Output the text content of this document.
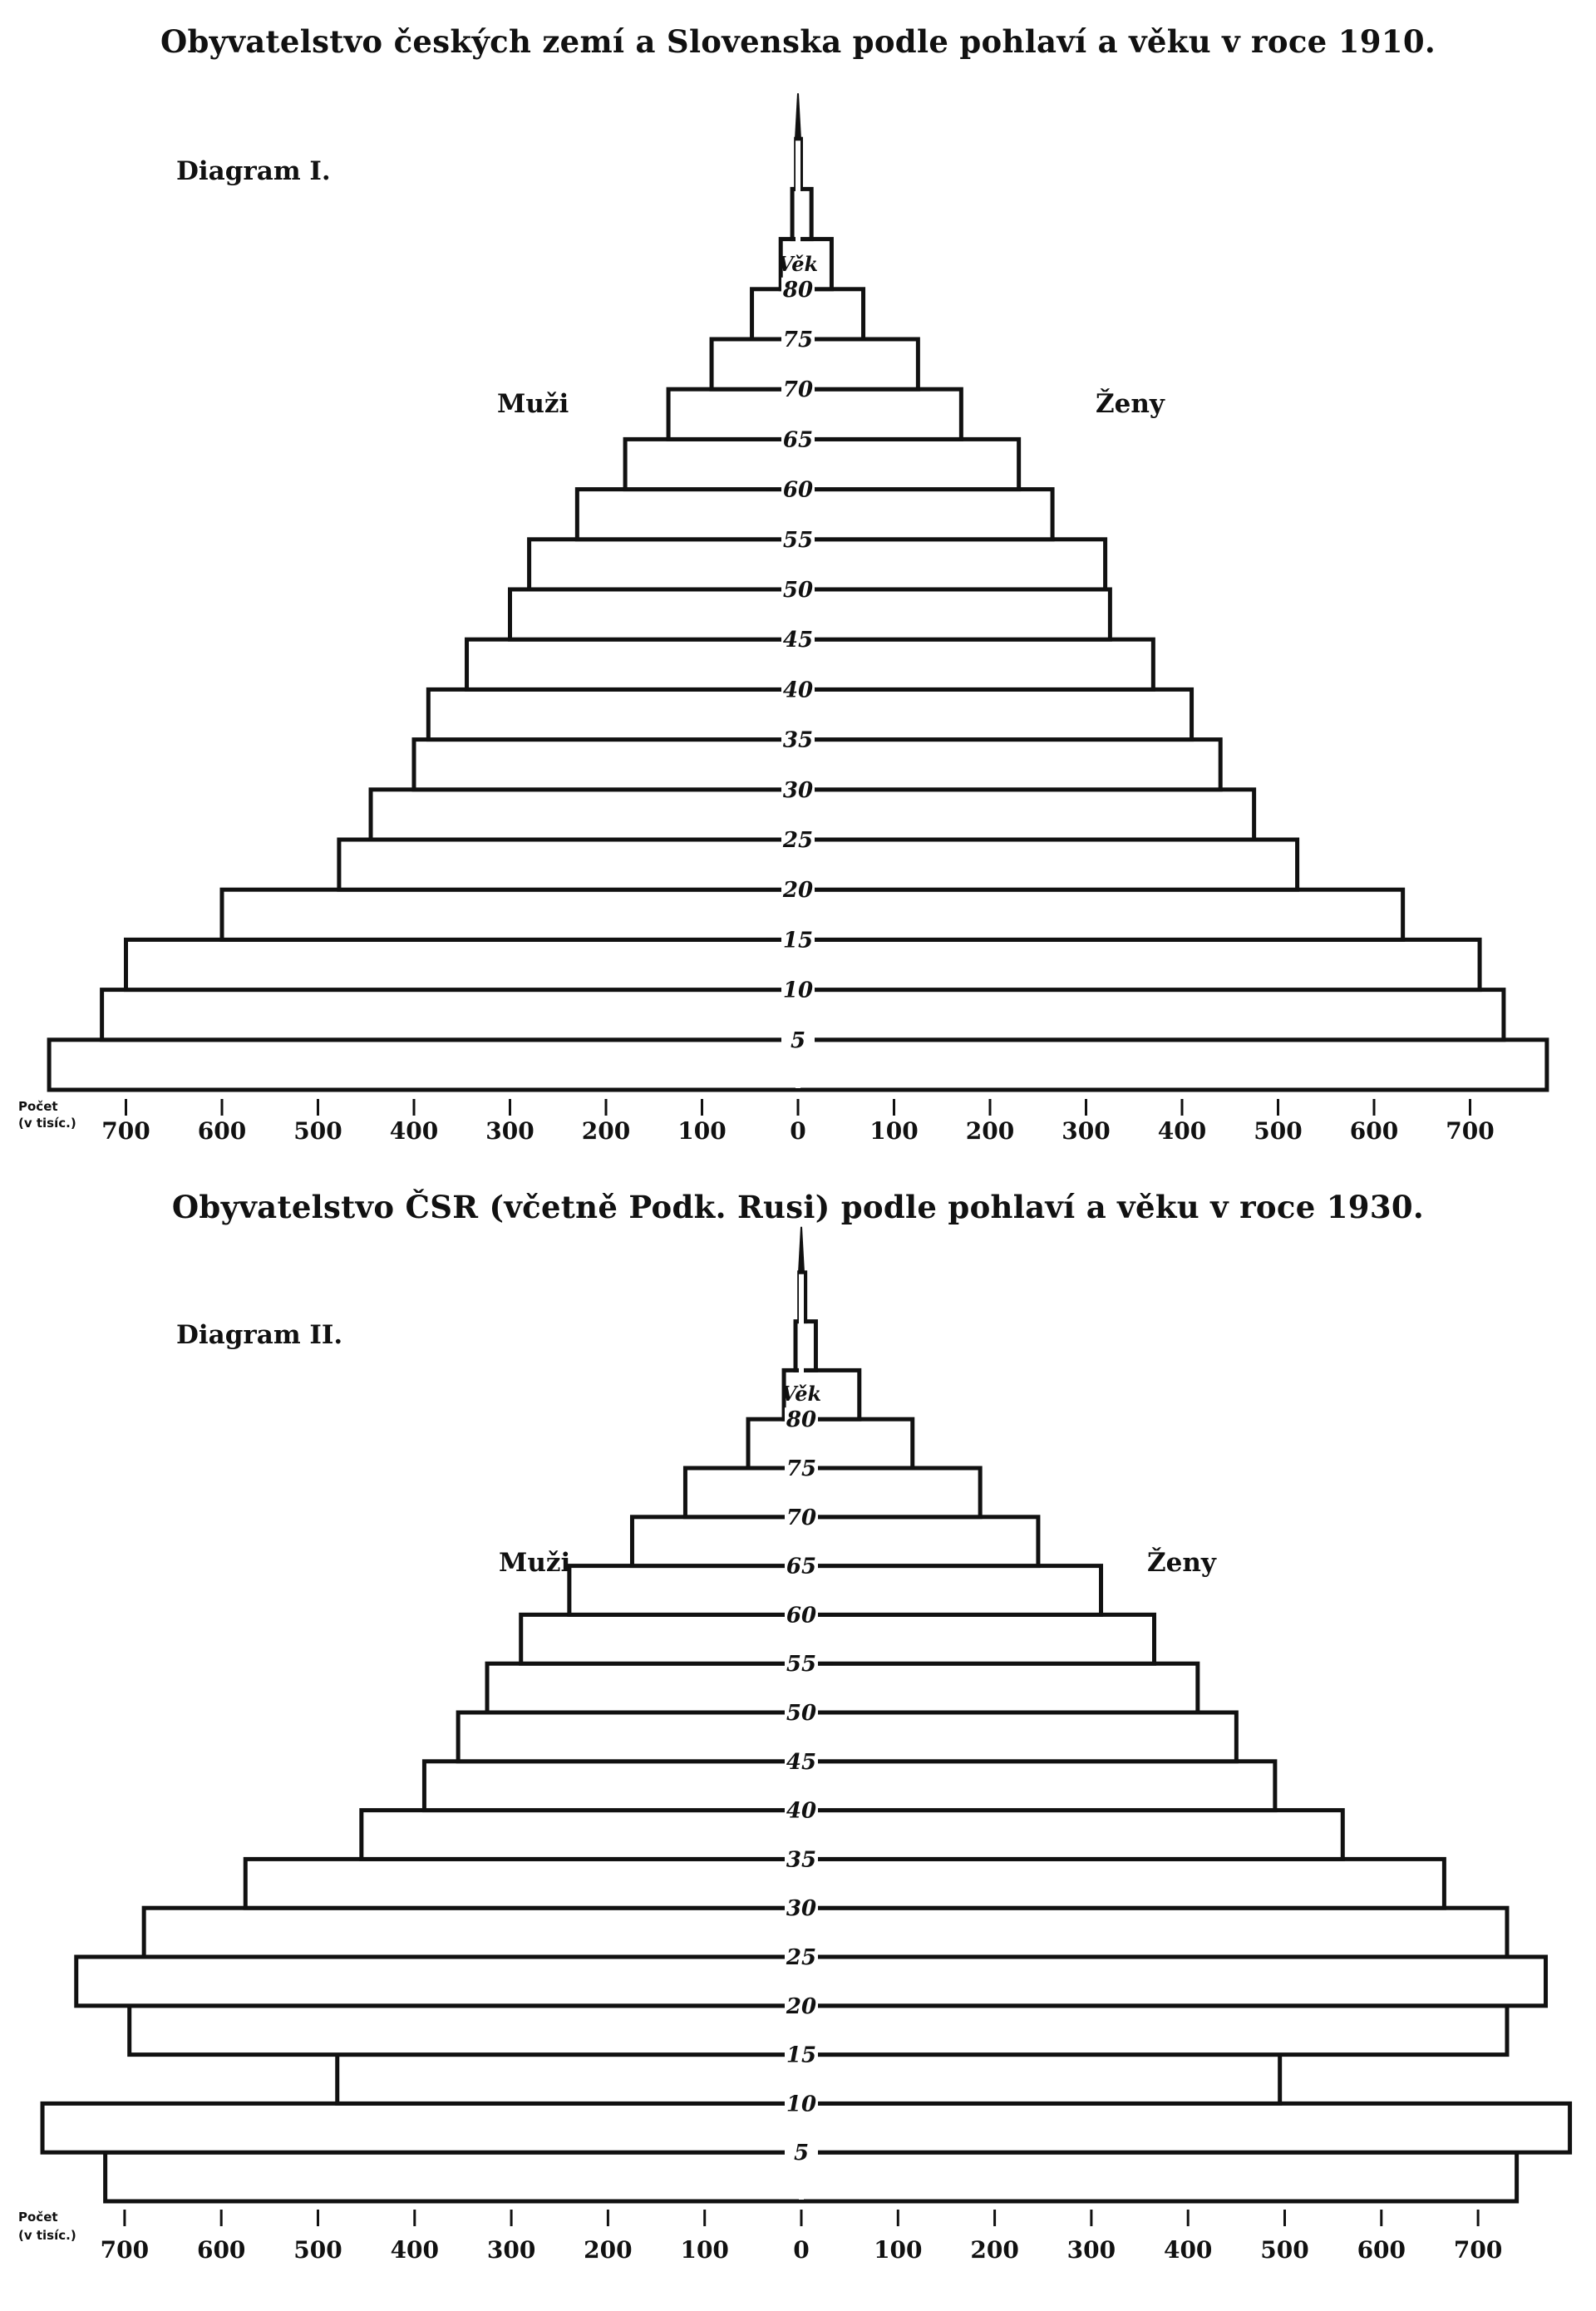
Obyvatelstvo českých zemí a Slovenska podle pohlaví a věku v roce 1910.
Diagram I.
5
10
15
20
25
30
35
40
45
50
55
60
65
70
75
80
Věk
700 600 500 400 300 200 100	0	100 200 300 400 500 600 700
Počet
(v tisíc.)
Muži	Ženy
Obyvatelstvo ČSR (včetně Podk. Rusi) podle pohlaví a věku v roce 1930.
Diagram II.
5
10
15
20
25
30
35
40
45
50
55
60
65
70
75
80
Věk
700 600 500 400 300 200 100	0	100 200 300 400 500 600 700
Počet
(v tisíc.)
Muži	Ženy
